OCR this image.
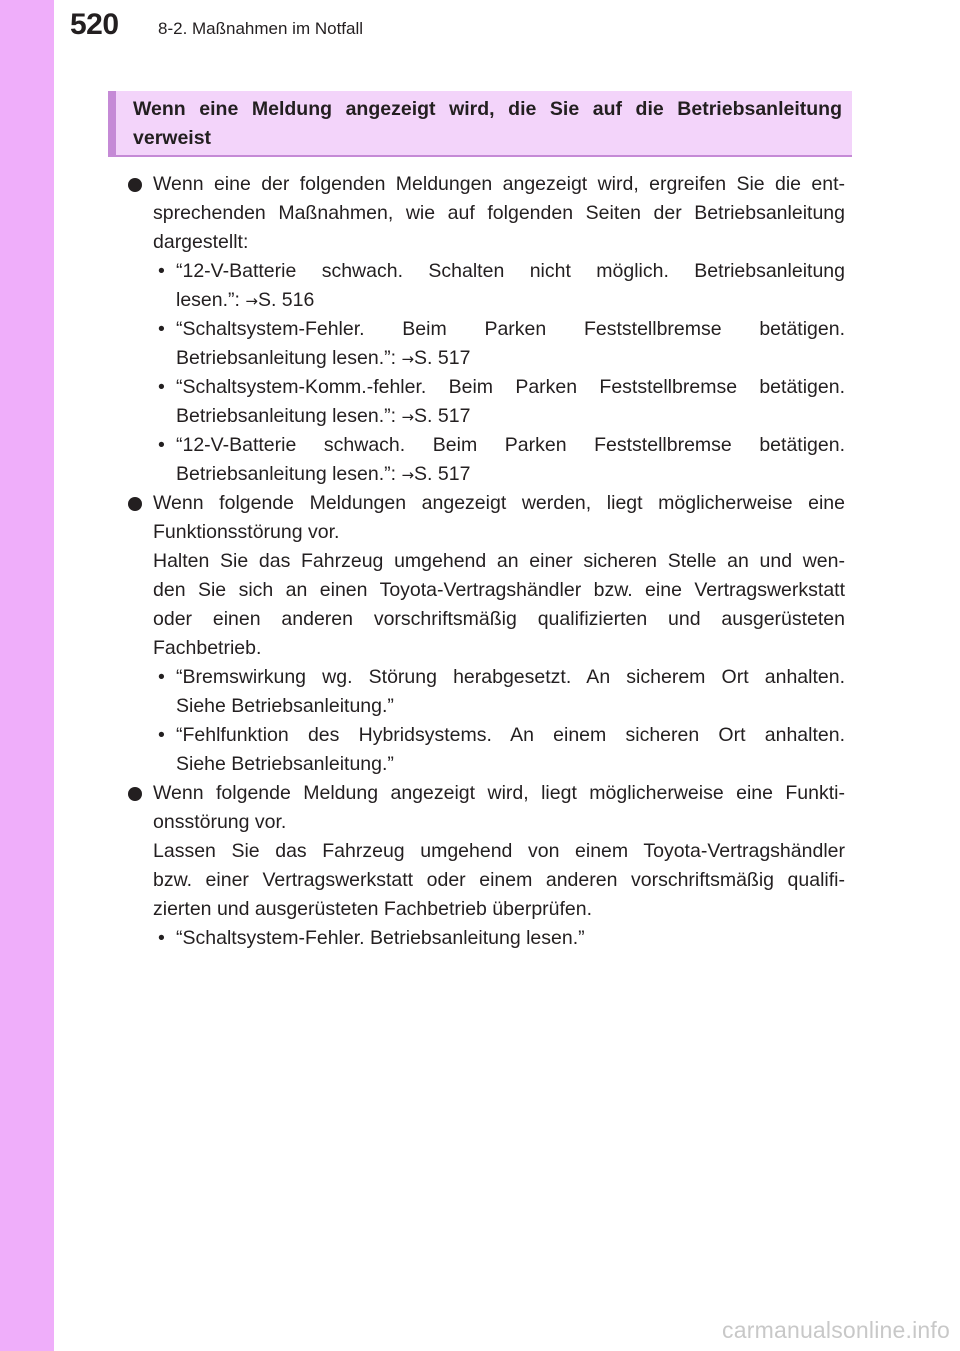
520 8-2. Maßnahmen im Notfall
Wenn eine Meldung angezeigt wird, die Sie auf die Betriebsanleitung verweist
Wenn eine der folgenden Meldungen angezeigt wird, ergreifen Sie die ent-
sprechenden Maßnahmen, wie auf folgenden Seiten der Betriebsanleitung
dargestellt:
• “12-V-Batterie schwach. Schalten nicht möglich. Betriebsanleitung
lesen.”: →S. 516
• “Schaltsystem-Fehler. Beim Parken Feststellbremse betätigen.
Betriebsanleitung lesen.”: →S. 517
• “Schaltsystem-Komm.-fehler. Beim Parken Feststellbremse betätigen.
Betriebsanleitung lesen.”: →S. 517
• “12-V-Batterie schwach. Beim Parken Feststellbremse betätigen.
Betriebsanleitung lesen.”: →S. 517
Wenn folgende Meldungen angezeigt werden, liegt möglicherweise eine
Funktionsstörung vor.
Halten Sie das Fahrzeug umgehend an einer sicheren Stelle an und wen-
den Sie sich an einen Toyota-Vertragshändler bzw. eine Vertragswerkstatt
oder einen anderen vorschriftsmäßig qualifizierten und ausgerüsteten
Fachbetrieb.
• “Bremswirkung wg. Störung herabgesetzt. An sicherem Ort anhalten.
Siehe Betriebsanleitung.”
• “Fehlfunktion des Hybridsystems. An einem sicheren Ort anhalten.
Siehe Betriebsanleitung.”
Wenn folgende Meldung angezeigt wird, liegt möglicherweise eine Funkti-
onsstörung vor.
Lassen Sie das Fahrzeug umgehend von einem Toyota-Vertragshändler
bzw. einer Vertragswerkstatt oder einem anderen vorschriftsmäßig qualifi-
zierten und ausgerüsteten Fachbetrieb überprüfen.
• “Schaltsystem-Fehler. Betriebsanleitung lesen.”
carmanualsonline.info
